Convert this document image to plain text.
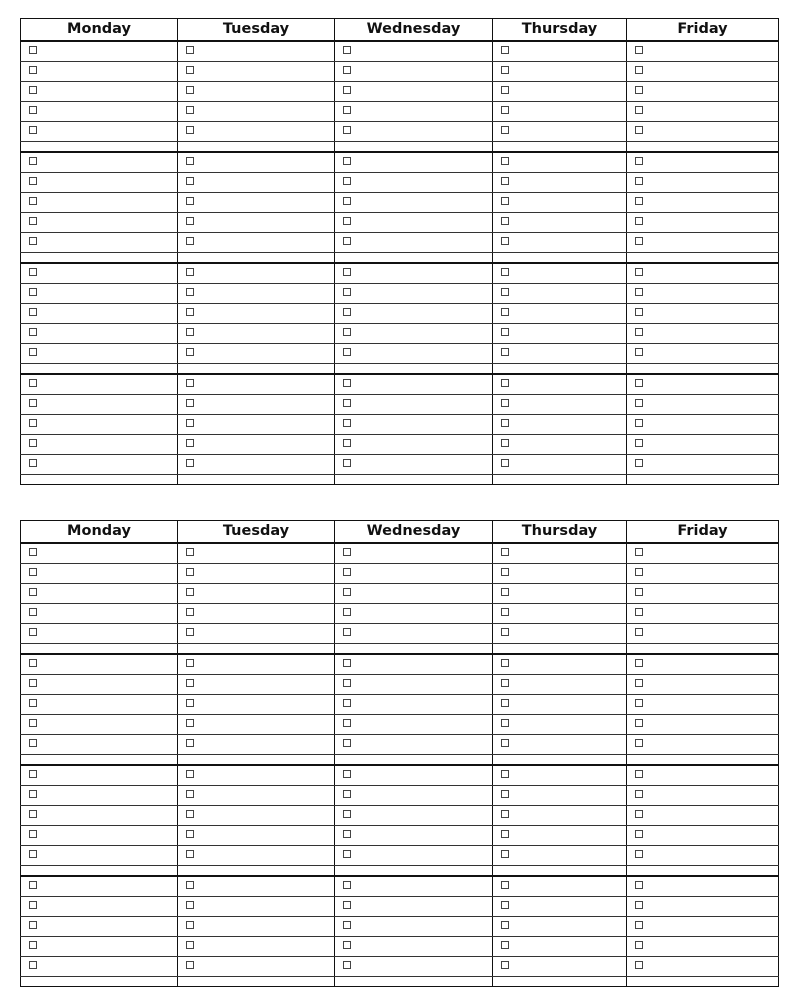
Monday	Tuesday	Wednesday	Thursday	Friday

Monday	Tuesday	Wednesday	Thursday	Friday
